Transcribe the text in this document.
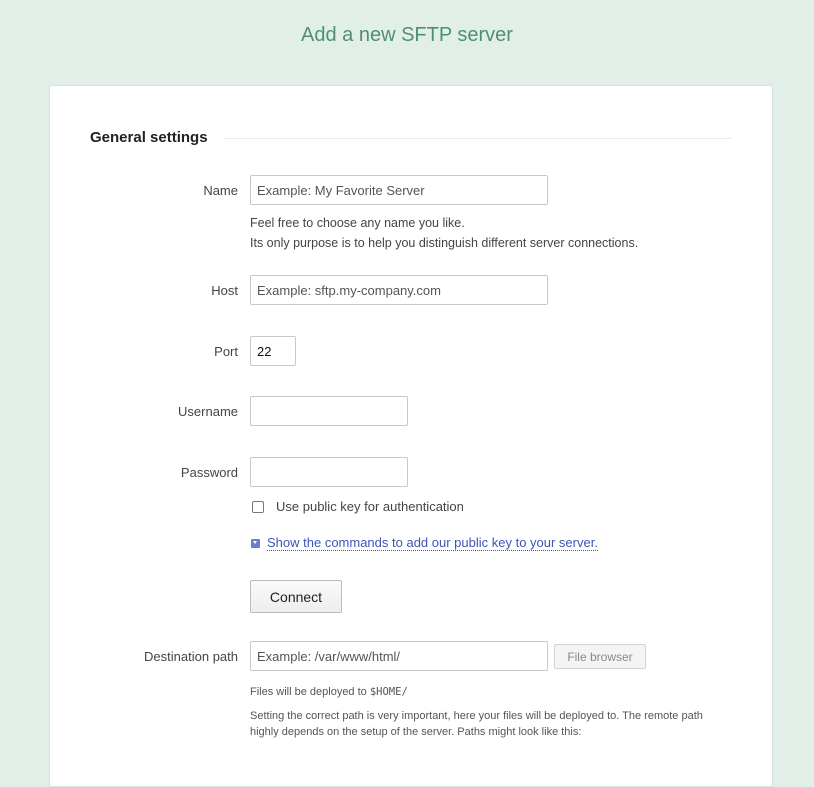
Add a new SFTP server
General settings
Name
Example: My Favorite Server
Feel free to choose any name you like.
Its only purpose is to help you distinguish different server connections.
Host
Example: sftp.my-company.com
Port
22
Username
Password
Use public key for authentication
Show the commands to add our public key to your server.
Connect
Destination path
Example: /var/www/html/	File browser
Files will be deployed to $HOME/
Setting the correct path is very important, here your files will be deployed to. The remote path highly depends on the setup of the server. Paths might look like this:
